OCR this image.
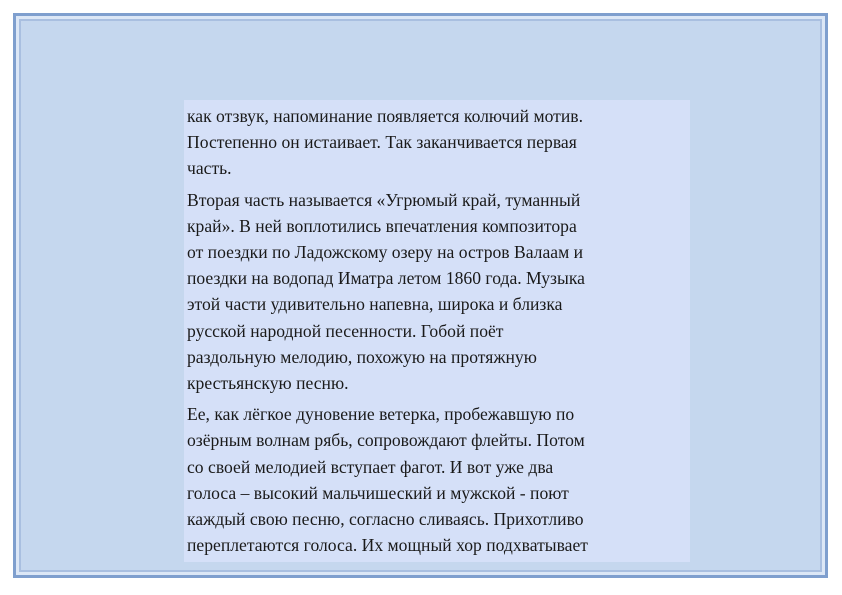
как отзвук, напоминание появляется колючий мотив.
Постепенно он истаивает. Так заканчивается первая
часть.

Вторая часть называется «Угрюмый край, туманный
край». В ней воплотились впечатления композитора
от поездки по Ладожскому озеру на остров Валаам и
поездки на водопад Иматра летом 1860 года. Музыка
этой части удивительно напевна, широка и близка
русской народной песенности. Гобой поёт
раздольную мелодию, похожую на протяжную
крестьянскую песню.

Ее, как лёгкое дуновение ветерка, пробежавшую по
озёрным волнам рябь, сопровождают флейты. Потом
со своей мелодией вступает фагот. И вот уже два
голоса – высокий мальчишеский и мужской - поют
каждый свою песню, согласно сливаясь. Прихотливо
переплетаются голоса. Их мощный хор подхватывает
